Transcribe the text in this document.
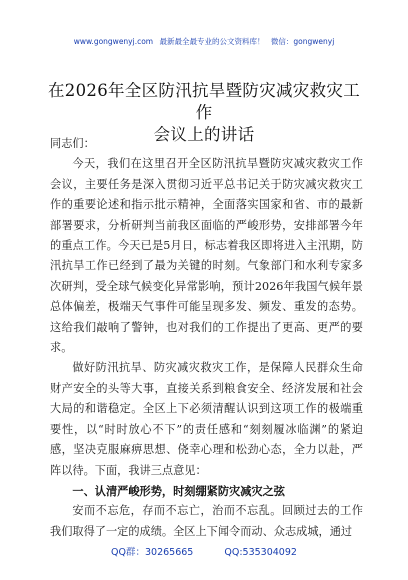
www.gongwenyj.com 最新最全最专业的公文资料库！ 微信：gongwenyj
在2026年全区防汛抗旱暨防灾减灾救灾工作
会议上的讲话

同志们：

今天，我们在这里召开全区防汛抗旱暨防灾减灾救灾工作会议，主要任务是深入贯彻习近平总书记关于防灾减灾救灾工作的重要论述和指示批示精神，全面落实国家和省、市的最新部署要求，分析研判当前我区面临的严峻形势，安排部署今年的重点工作。今天已是5月日，标志着我区即将进入主汛期，防汛抗旱工作已经到了最为关键的时刻。气象部门和水利专家多次研判，受全球气候变化异常影响，预计2026年我国气候年景总体偏差，极端天气事件可能呈现多发、频发、重发的态势。这给我们敲响了警钟，也对我们的工作提出了更高、更严的要求。

做好防汛抗旱、防灾减灾救灾工作，是保障人民群众生命财产安全的头等大事，直接关系到粮食安全、经济发展和社会大局的和谐稳定。全区上下必须清醒认识到这项工作的极端重要性，以“时时放心不下”的责任感和“刻刻履冰临渊”的紧迫感，坚决克服麻痹思想、侥幸心理和松劲心态，全力以赴，严阵以待。下面，我讲三点意见：

一、认清严峻形势，时刻绷紧防灾减灾之弦

安而不忘危，存而不忘亡，治而不忘乱。回顾过去的工作我们取得了一定的成绩。全区上下闻令而动、众志成城，通过

QQ群：30265665	QQ:535304092
